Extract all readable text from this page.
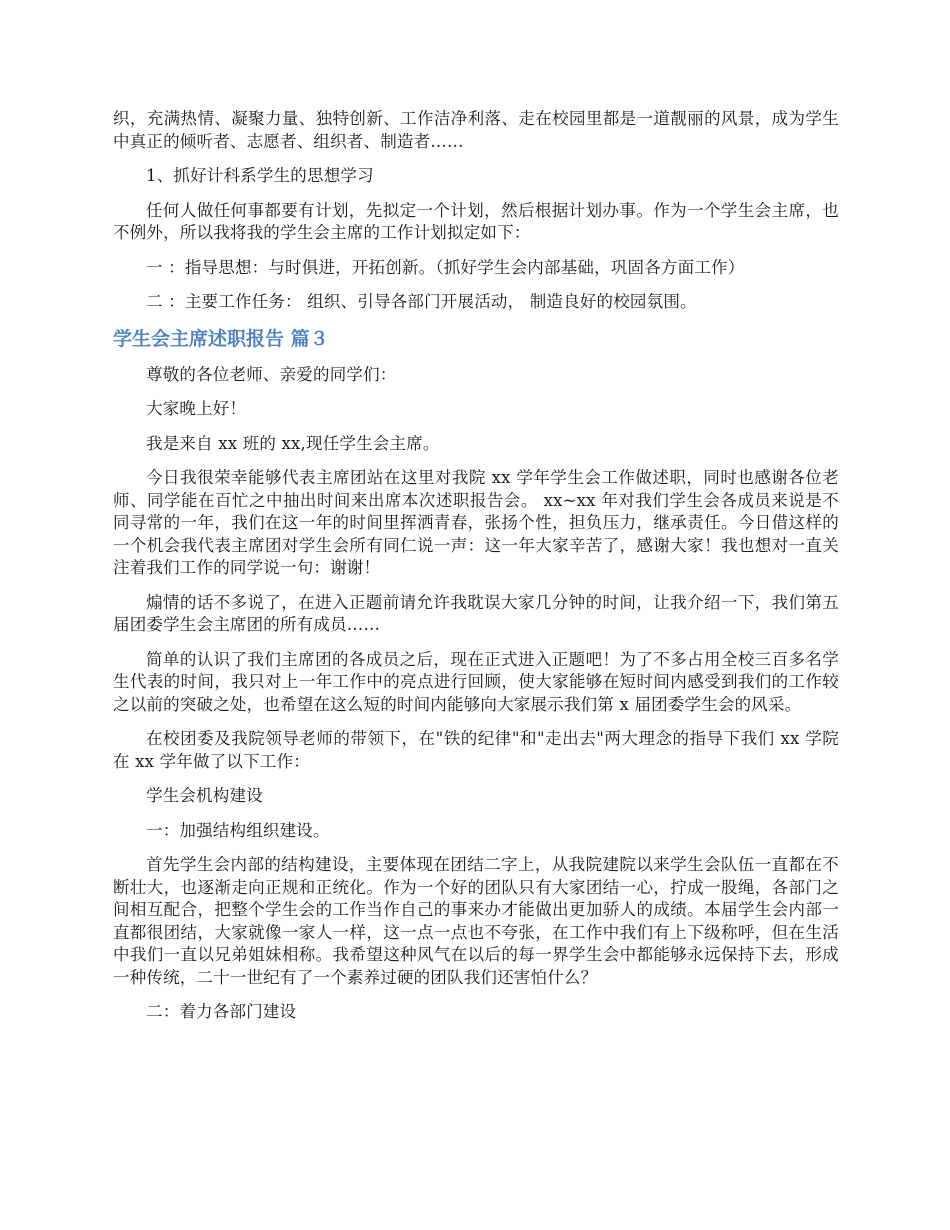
织，充满热情、凝聚力量、独特创新、工作洁净利落、走在校园里都是一道靓丽的风景，成为学生中真正的倾听者、志愿者、组织者、制造者……

1、抓好计科系学生的思想学习

任何人做任何事都要有计划，先拟定一个计划，然后根据计划办事。作为一个学生会主席，也不例外，所以我将我的学生会主席的工作计划拟定如下：

一 ：指导思想：与时俱进，开拓创新。（抓好学生会内部基础，巩固各方面工作）

二 ：主要工作任务： 组织、引导各部门开展活动， 制造良好的校园氛围。

学生会主席述职报告 篇３

尊敬的各位老师、亲爱的同学们：

大家晚上好！

我是来自 xx 班的 xx,现任学生会主席。

今日我很荣幸能够代表主席团站在这里对我院 xx 学年学生会工作做述职，同时也感谢各位老师、同学能在百忙之中抽出时间来出席本次述职报告会。 xx~xx 年对我们学生会各成员来说是不同寻常的一年，我们在这一年的时间里挥洒青春，张扬个性，担负压力，继承责任。今日借这样的一个机会我代表主席团对学生会所有同仁说一声：这一年大家辛苦了，感谢大家！我也想对一直关注着我们工作的同学说一句：谢谢！

煽情的话不多说了，在进入正题前请允许我耽误大家几分钟的时间，让我介绍一下，我们第五届团委学生会主席团的所有成员……

简单的认识了我们主席团的各成员之后，现在正式进入正题吧！为了不多占用全校三百多名学生代表的时间，我只对上一年工作中的亮点进行回顾，使大家能够在短时间内感受到我们的工作较之以前的突破之处，也希望在这么短的时间内能够向大家展示我们第 x 届团委学生会的风采。

在校团委及我院领导老师的带领下，在"铁的纪律"和"走出去"两大理念的指导下我们 xx 学院在 xx 学年做了以下工作：

学生会机构建设

一：加强结构组织建设。

首先学生会内部的结构建设，主要体现在团结二字上，从我院建院以来学生会队伍一直都在不断壮大，也逐渐走向正规和正统化。作为一个好的团队只有大家团结一心，拧成一股绳，各部门之间相互配合，把整个学生会的工作当作自己的事来办才能做出更加骄人的成绩。本届学生会内部一直都很团结，大家就像一家人一样，这一点一点也不夸张，在工作中我们有上下级称呼，但在生活中我们一直以兄弟姐妹相称。我希望这种风气在以后的每一界学生会中都能够永远保持下去，形成一种传统，二十一世纪有了一个素养过硬的团队我们还害怕什么？

二：着力各部门建设
